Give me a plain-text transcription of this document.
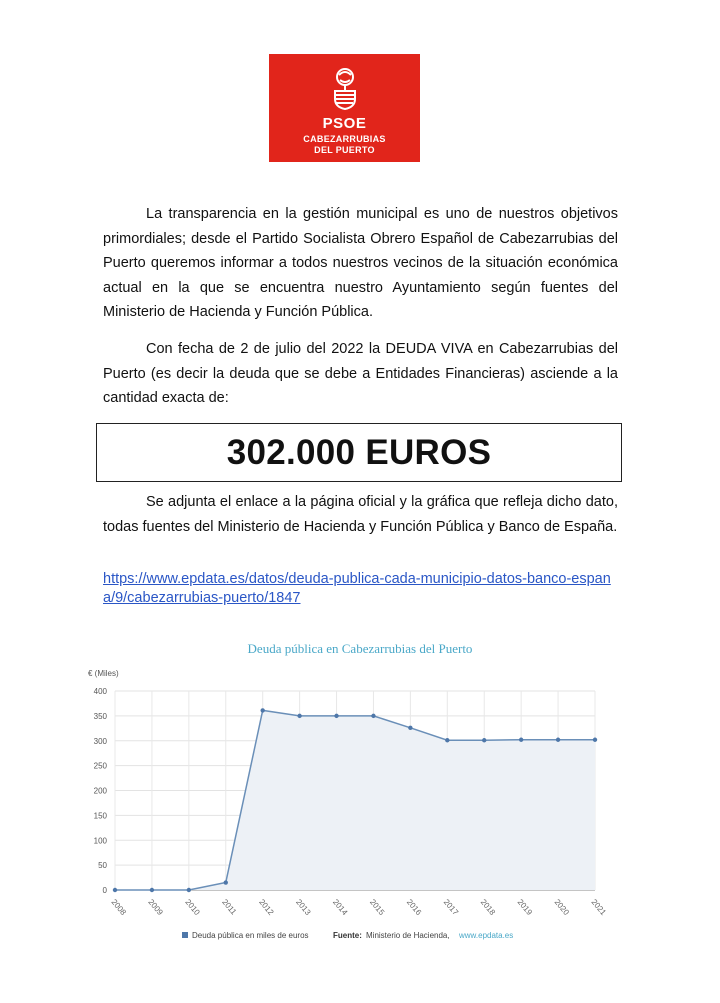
PSOE
CABEZARRUBIAS
DEL PUERTO

La transparencia en la gestión municipal es uno de nuestros objetivos primordiales; desde el Partido Socialista Obrero Español de Cabezarrubias del Puerto queremos informar a todos nuestros vecinos de la situación económica actual en la que se encuentra nuestro Ayuntamiento según fuentes del Ministerio de Hacienda y Función Pública.

Con fecha de 2 de julio del 2022 la DEUDA VIVA en Cabezarrubias del Puerto (es decir la deuda que se debe a Entidades Financieras) asciende a la cantidad exacta de:

302.000 EUROS

Se adjunta el enlace a la página oficial y la gráfica que refleja dicho dato, todas fuentes del Ministerio de Hacienda y Función Pública y Banco de España.

https://www.epdata.es/datos/deuda-publica-cada-municipio-datos-banco-espana/9/cabezarrubias-puerto/1847
Deuda pública en Cabezarrubias del Puerto
€ (Miles)
0
50
100
150
200
250
300
350
400
2008 2009 2010 2011 2012 2013 2014 2015 2016 2017 2018 2019 2020 2021
Deuda pública en miles de euros	Fuente: Ministerio de Hacienda, www.epdata.es
